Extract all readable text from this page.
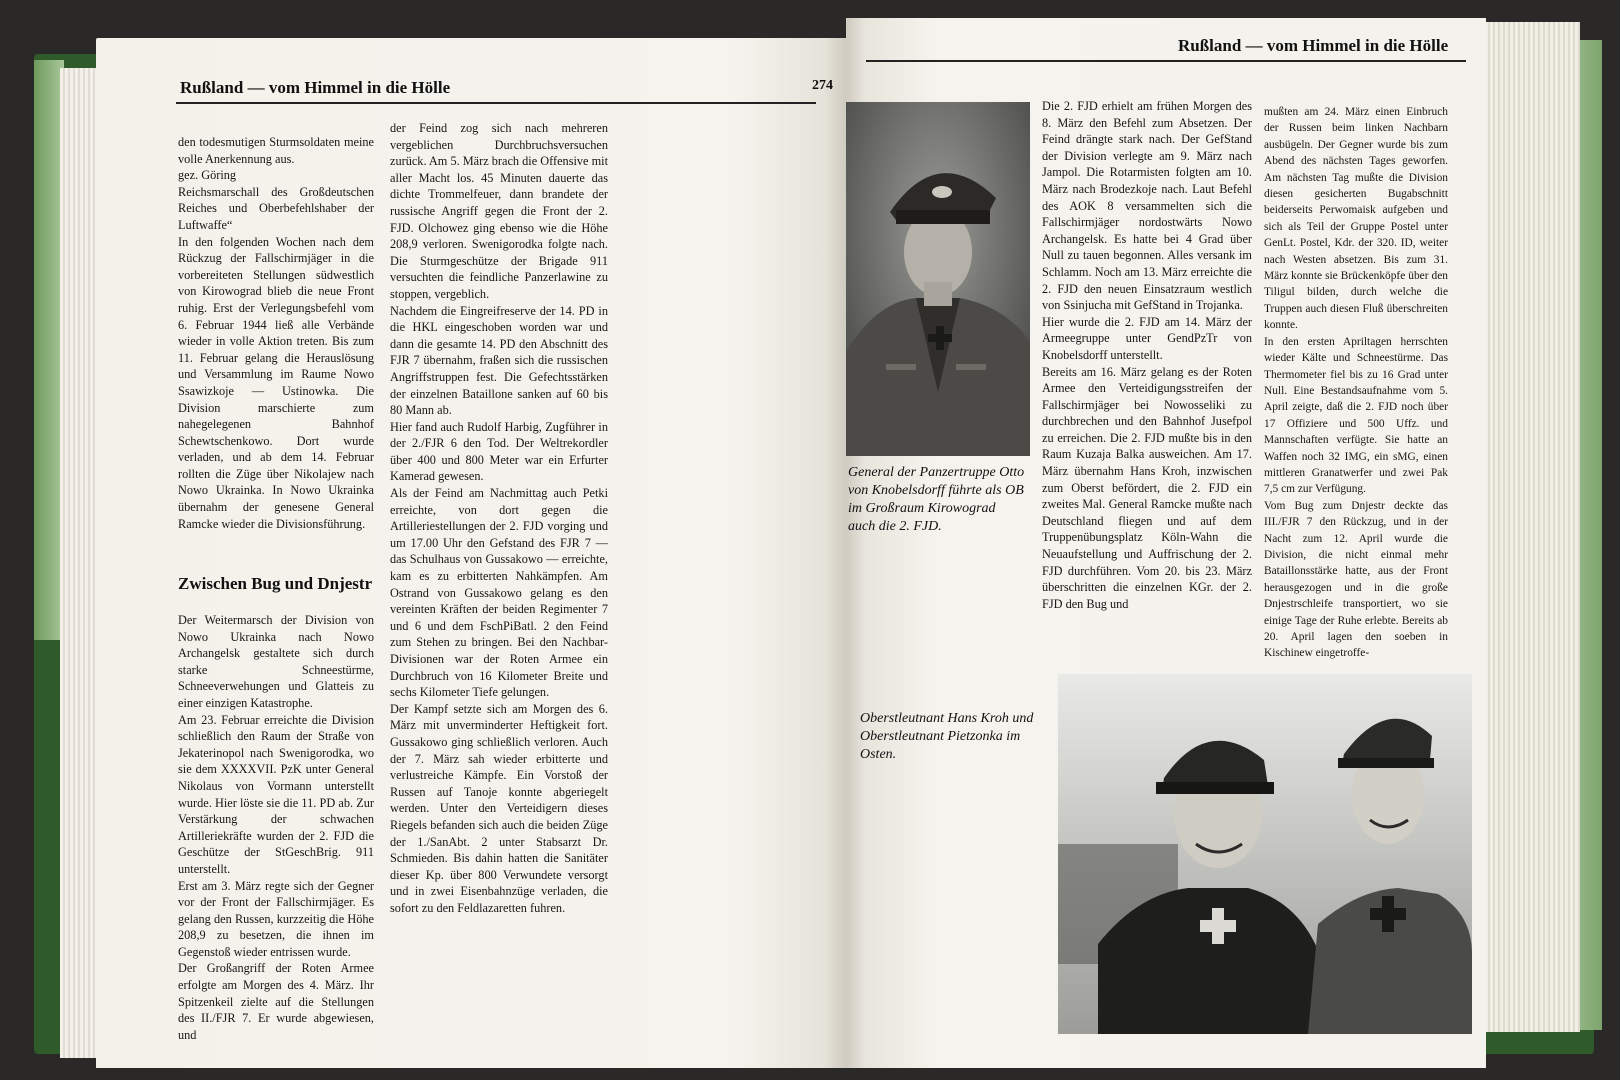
Rußland — vom Himmel in die Hölle	274
den todesmutigen Sturmsoldaten meine volle Anerkennung aus.
gez. Göring
Reichsmarschall des Großdeutschen Reiches und Oberbefehlshaber der Luftwaffe“
In den folgenden Wochen nach dem Rückzug der Fallschirmjäger in die vorbereiteten Stellungen südwestlich von Kirowograd blieb die neue Front ruhig. Erst der Verlegungsbefehl vom 6. Februar 1944 ließ alle Verbände wieder in volle Aktion treten. Bis zum 11. Februar gelang die Herauslösung und Versammlung im Raume Nowo Ssawizkoje — Ustinowka. Die Division marschierte zum nahegelegenen Bahnhof Schewtschenkowo. Dort wurde verladen, und ab dem 14. Februar rollten die Züge über Nikolajew nach Nowo Ukrainka. In Nowo Ukrainka übernahm der genesene General Ramcke wieder die Divisionsführung.
Zwischen Bug und Dnjestr
Der Weitermarsch der Division von Nowo Ukrainka nach Nowo Archangelsk gestaltete sich durch starke Schneestürme, Schneeverwehungen und Glatteis zu einer einzigen Katastrophe.
Am 23. Februar erreichte die Division schließlich den Raum der Straße von Jekaterinopol nach Swenigorodka, wo sie dem XXXXVII. PzK unter General Nikolaus von Vormann unterstellt wurde. Hier löste sie die 11. PD ab. Zur Verstärkung der schwachen Artilleriekräfte wurden der 2. FJD die Geschütze der StGeschBrig. 911 unterstellt.
Erst am 3. März regte sich der Gegner vor der Front der Fallschirmjäger. Es gelang den Russen, kurzzeitig die Höhe 208,9 zu besetzen, die ihnen im Gegenstoß wieder entrissen wurde.
Der Großangriff der Roten Armee erfolgte am Morgen des 4. März. Ihr Spitzenkeil zielte auf die Stellungen des II./FJR 7. Er wurde abgewiesen, und
der Feind zog sich nach mehreren vergeblichen Durchbruchsversuchen zurück. Am 5. März brach die Offensive mit aller Macht los. 45 Minuten dauerte das dichte Trommelfeuer, dann brandete der russische Angriff gegen die Front der 2. FJD. Olchowez ging ebenso wie die Höhe 208,9 verloren. Swenigorodka folgte nach. Die Sturmgeschütze der Brigade 911 versuchten die feindliche Panzerlawine zu stoppen, vergeblich.
Nachdem die Eingreifreserve der 14. PD in die HKL eingeschoben worden war und dann die gesamte 14. PD den Abschnitt des FJR 7 übernahm, fraßen sich die russischen Angriffstruppen fest. Die Gefechtsstärken der einzelnen Bataillone sanken auf 60 bis 80 Mann ab.
Hier fand auch Rudolf Harbig, Zugführer in der 2./FJR 6 den Tod. Der Weltrekordler über 400 und 800 Meter war ein Erfurter Kamerad gewesen.
Als der Feind am Nachmittag auch Petki erreichte, von dort gegen die Artilleriestellungen der 2. FJD vorging und um 17.00 Uhr den Gefstand des FJR 7 — das Schulhaus von Gussakowo — erreichte, kam es zu erbitterten Nahkämpfen. Am Ostrand von Gussakowo gelang es den vereinten Kräften der beiden Regimenter 7 und 6 und dem FschPiBatl. 2 den Feind zum Stehen zu bringen. Bei den Nachbar-Divisionen war der Roten Armee ein Durchbruch von 16 Kilometer Breite und sechs Kilometer Tiefe gelungen.
Der Kampf setzte sich am Morgen des 6. März mit unverminderter Heftigkeit fort. Gussakowo ging schließlich verloren. Auch der 7. März sah wieder erbitterte und verlustreiche Kämpfe. Ein Vorstoß der Russen auf Tanoje konnte abgeriegelt werden. Unter den Verteidigern dieses Riegels befanden sich auch die beiden Züge der 1./SanAbt. 2 unter Stabsarzt Dr. Schmieden. Bis dahin hatten die Sanitäter dieser Kp. über 800 Verwundete versorgt und in zwei Eisenbahnzüge verladen, die sofort zu den Feldlazaretten fuhren.
Rußland — vom Himmel in die Hölle
General der Panzertruppe Otto von Knobelsdorff führte als OB im Großraum Kirowograd auch die 2. FJD.
Die 2. FJD erhielt am frühen Morgen des 8. März den Befehl zum Absetzen. Der Feind drängte stark nach. Der GefStand der Division verlegte am 9. März nach Jampol. Die Rotarmisten folgten am 10. März nach Brodezkoje nach. Laut Befehl des AOK 8 versammelten sich die Fallschirmjäger nordostwärts Nowo Archangelsk. Es hatte bei 4 Grad über Null zu tauen begonnen. Alles versank im Schlamm. Noch am 13. März erreichte die 2. FJD den neuen Einsatzraum westlich von Ssinjucha mit GefStand in Trojanka.
Hier wurde die 2. FJD am 14. März der Armeegruppe unter GendPzTr von Knobelsdorff unterstellt.
Bereits am 16. März gelang es der Roten Armee den Verteidigungsstreifen der Fallschirmjäger bei Nowosseliki zu durchbrechen und den Bahnhof Jusefpol zu erreichen. Die 2. FJD mußte bis in den Raum Kuzaja Balka ausweichen. Am 17. März übernahm Hans Kroh, inzwischen zum Oberst befördert, die 2. FJD ein zweites Mal. General Ramcke mußte nach Deutschland fliegen und auf dem Truppenübungsplatz Köln-Wahn die Neuaufstellung und Auffrischung der 2. FJD durchführen. Vom 20. bis 23. März überschritten die einzelnen KGr. der 2. FJD den Bug und
mußten am 24. März einen Einbruch der Russen beim linken Nachbarn ausbügeln. Der Gegner wurde bis zum Abend des nächsten Tages geworfen. Am nächsten Tag mußte die Division diesen gesicherten Bugabschnitt beiderseits Perwomaisk aufgeben und sich als Teil der Gruppe Postel unter GenLt. Postel, Kdr. der 320. ID, weiter nach Westen absetzen. Bis zum 31. März konnte sie Brückenköpfe über den Tiligul bilden, durch welche die Truppen auch diesen Fluß überschreiten konnte.
In den ersten Apriltagen herrschten wieder Kälte und Schneestürme. Das Thermometer fiel bis zu 16 Grad unter Null. Eine Bestandsaufnahme vom 5. April zeigte, daß die 2. FJD noch über 17 Offiziere und 500 Uffz. und Mannschaften verfügte. Sie hatte an Waffen noch 32 IMG, ein sMG, einen mittleren Granatwerfer und zwei Pak 7,5 cm zur Verfügung.
Vom Bug zum Dnjestr deckte das III./FJR 7 den Rückzug, und in der Nacht zum 12. April wurde die Division, die nicht einmal mehr Bataillonsstärke hatte, aus der Front herausgezogen und in die große Dnjestrschleife transportiert, wo sie einige Tage der Ruhe erlebte. Bereits ab 20. April lagen den soeben in Kischinew eingetroffe-
Oberstleutnant Hans Kroh und Oberstleutnant Pietzonka im Osten.
